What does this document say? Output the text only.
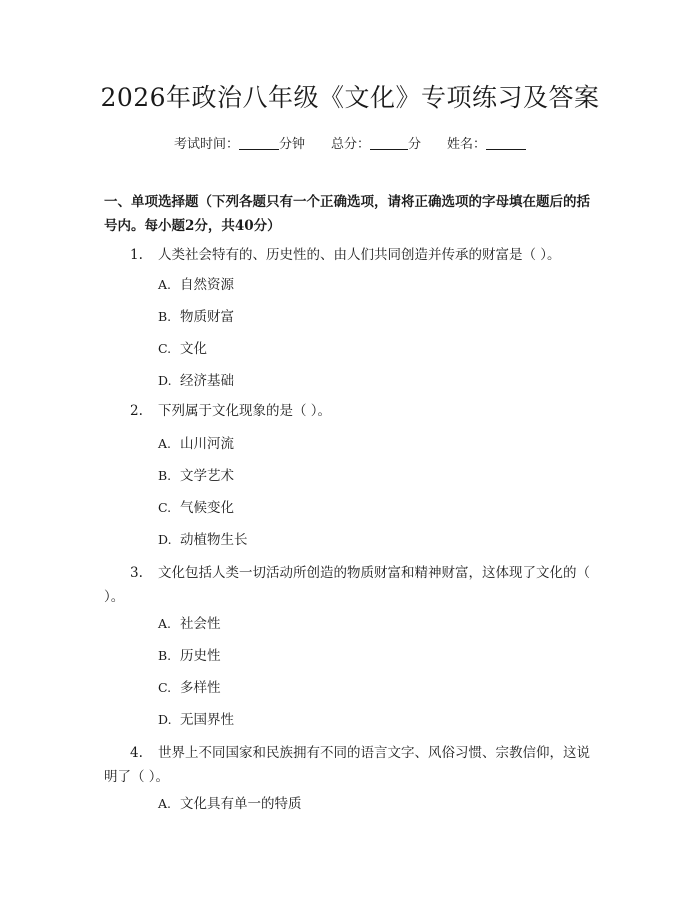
2026年政治八年级《文化》专项练习及答案
考试时间：	分钟 总分：	分 姓名：
一、单项选择题（下列各题只有一个正确选项，请将正确选项的字母填在题后的括号内。每小题2分，共40分）
1. 人类社会特有的、历史性的、由人们共同创造并传承的财富是（ ）。
A. 自然资源
B. 物质财富
C. 文化
D. 经济基础
2. 下列属于文化现象的是（ ）。
A. 山川河流
B. 文学艺术
C. 气候变化
D. 动植物生长
3. 文化包括人类一切活动所创造的物质财富和精神财富，这体现了文化的（ ）。
A. 社会性
B. 历史性
C. 多样性
D. 无国界性
4. 世界上不同国家和民族拥有不同的语言文字、风俗习惯、宗教信仰，这说明了（ ）。
A. 文化具有单一的特质
